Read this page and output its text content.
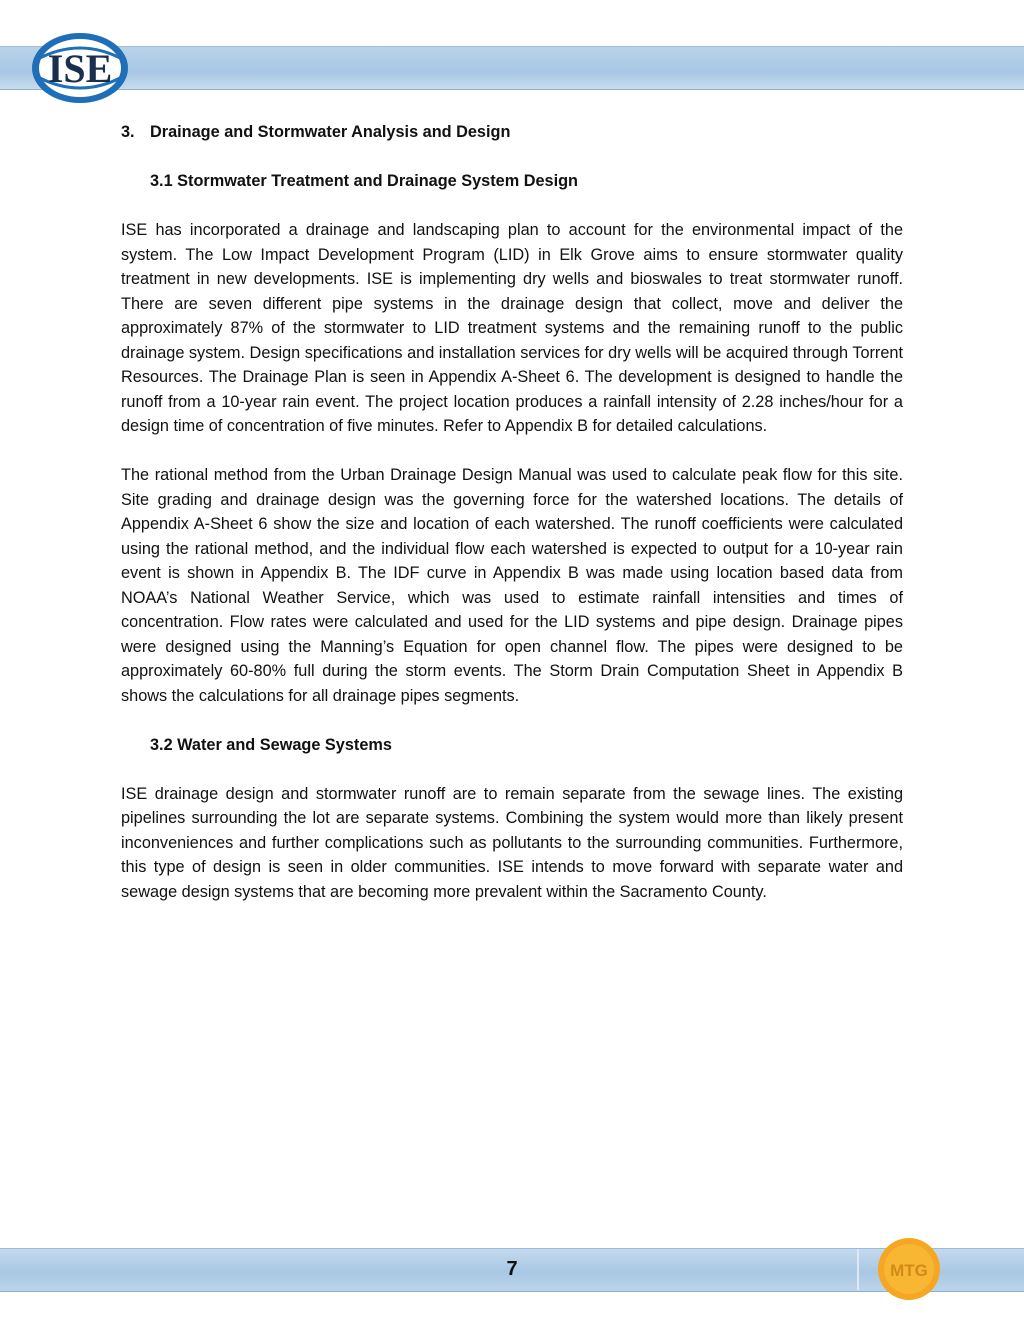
ISE
3. Drainage and Stormwater Analysis and Design
3.1 Stormwater Treatment and Drainage System Design

ISE has incorporated a drainage and landscaping plan to account for the environmental impact of the system. The Low Impact Development Program (LID) in Elk Grove aims to ensure stormwater quality treatment in new developments. ISE is implementing dry wells and bioswales to treat stormwater runoff. There are seven different pipe systems in the drainage design that collect, move and deliver the approximately 87% of the stormwater to LID treatment systems and the remaining runoff to the public drainage system. Design specifications and installation services for dry wells will be acquired through Torrent Resources. The Drainage Plan is seen in Appendix A-Sheet 6. The development is designed to handle the runoff from a 10-year rain event. The project location produces a rainfall intensity of 2.28 inches/hour for a design time of concentration of five minutes. Refer to Appendix B for detailed calculations.

The rational method from the Urban Drainage Design Manual was used to calculate peak flow for this site. Site grading and drainage design was the governing force for the watershed locations. The details of Appendix A-Sheet 6 show the size and location of each watershed. The runoff coefficients were calculated using the rational method, and the individual flow each watershed is expected to output for a 10-year rain event is shown in Appendix B. The IDF curve in Appendix B was made using location based data from NOAA’s National Weather Service, which was used to estimate rainfall intensities and times of concentration. Flow rates were calculated and used for the LID systems and pipe design. Drainage pipes were designed using the Manning’s Equation for open channel flow. The pipes were designed to be approximately 60-80% full during the storm events. The Storm Drain Computation Sheet in Appendix B shows the calculations for all drainage pipes segments.

3.2 Water and Sewage Systems

ISE drainage design and stormwater runoff are to remain separate from the sewage lines. The existing pipelines surrounding the lot are separate systems. Combining the system would more than likely present inconveniences and further complications such as pollutants to the surrounding communities. Furthermore, this type of design is seen in older communities. ISE intends to move forward with separate water and sewage design systems that are becoming more prevalent within the Sacramento County.

7	MTG
